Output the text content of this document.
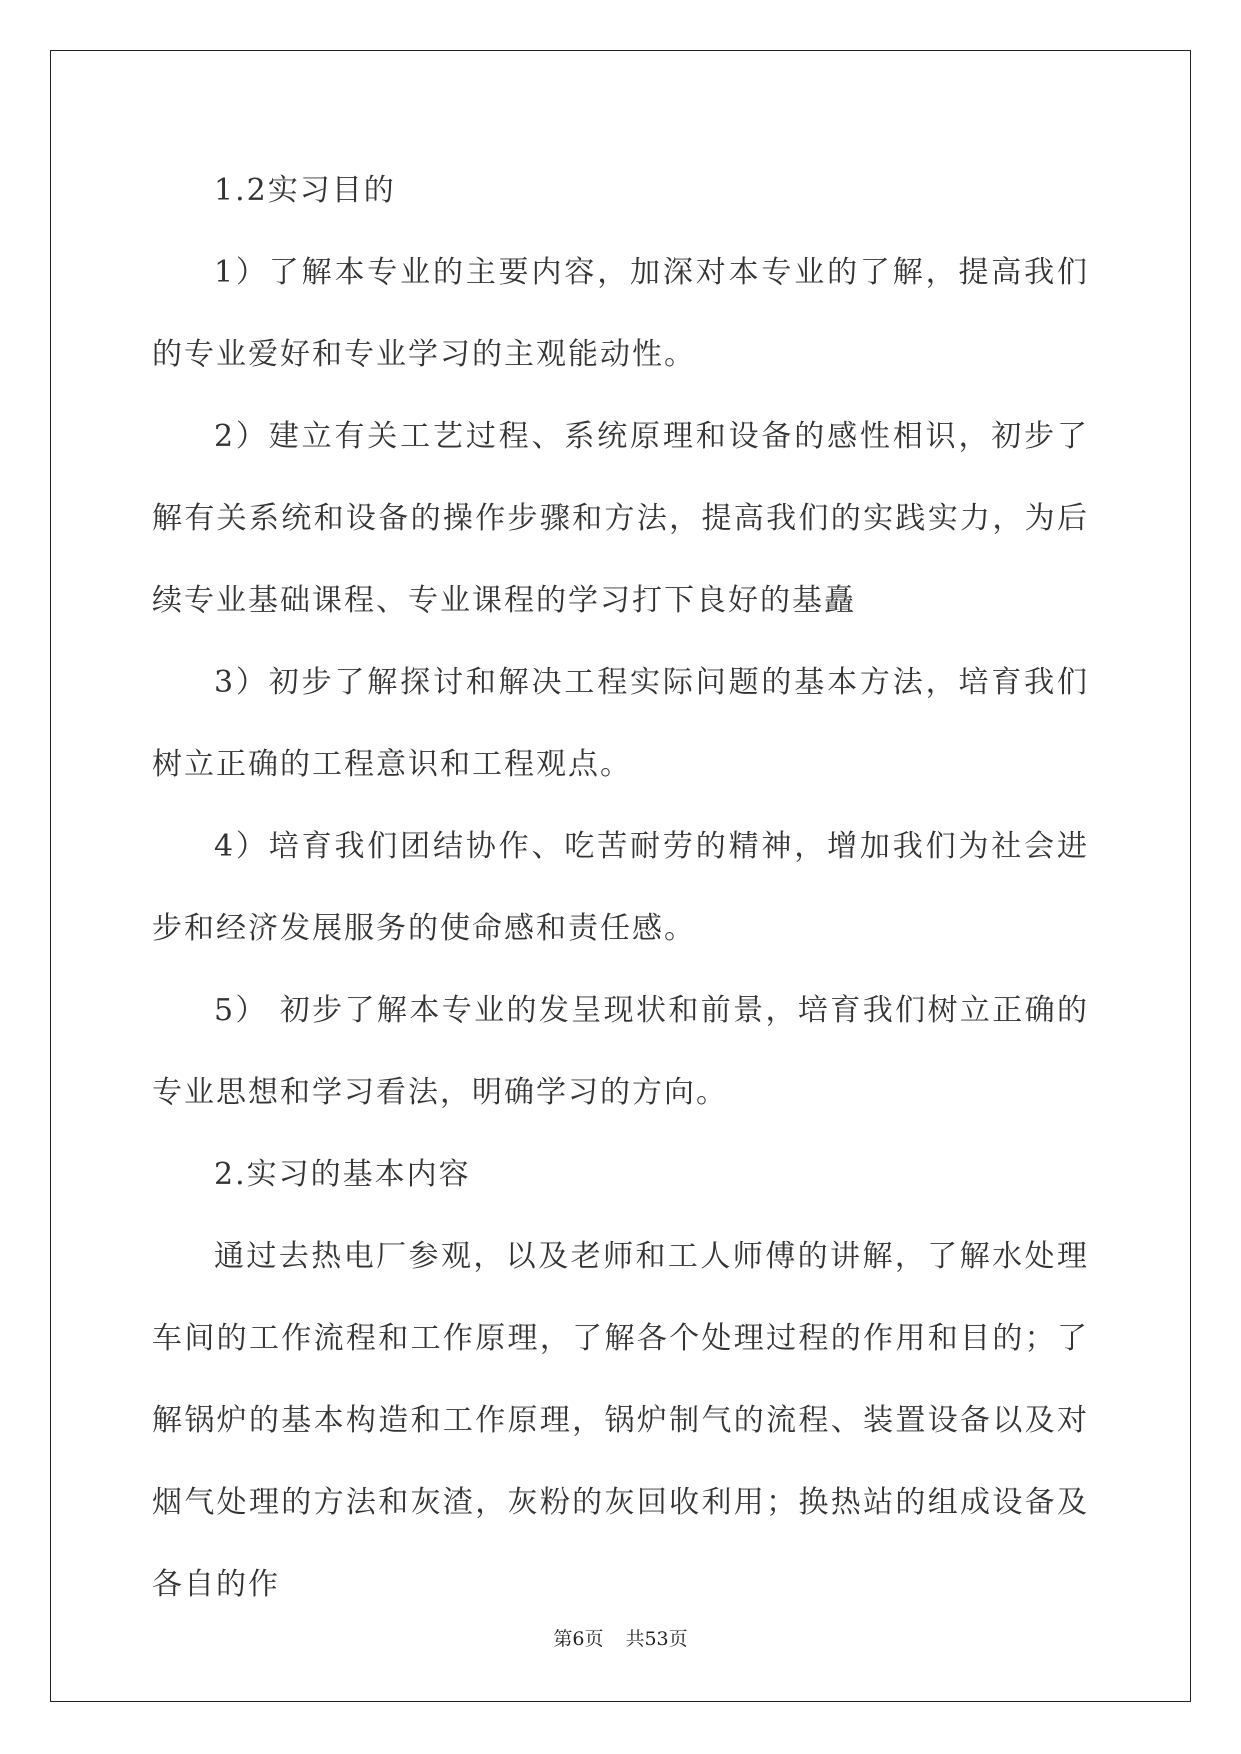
1.2实习目的

1）了解本专业的主要内容，加深对本专业的了解，提高我们的专业爱好和专业学习的主观能动性。

2）建立有关工艺过程、系统原理和设备的感性相识，初步了解有关系统和设备的操作步骤和方法，提高我们的实践实力，为后续专业基础课程、专业课程的学习打下良好的基矗

3）初步了解探讨和解决工程实际问题的基本方法，培育我们树立正确的工程意识和工程观点。

4）培育我们团结协作、吃苦耐劳的精神，增加我们为社会进步和经济发展服务的使命感和责任感。

5） 初步了解本专业的发呈现状和前景，培育我们树立正确的专业思想和学习看法，明确学习的方向。

2.实习的基本内容

通过去热电厂参观，以及老师和工人师傅的讲解，了解水处理车间的工作流程和工作原理，了解各个处理过程的作用和目的；了解锅炉的基本构造和工作原理，锅炉制气的流程、装置设备以及对烟气处理的方法和灰渣，灰粉的灰回收利用；换热站的组成设备及各自的作

第6页 共53页
